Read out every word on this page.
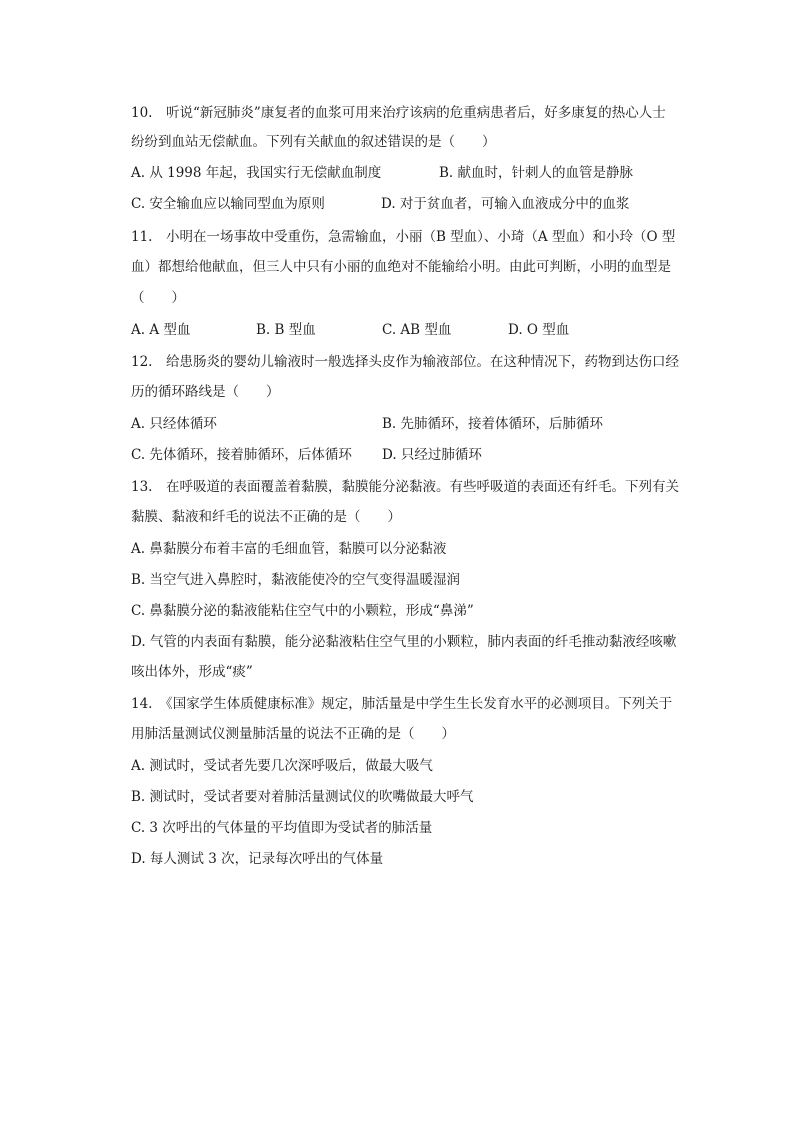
10.　听说“新冠肺炎”康复者的血浆可用来治疗该病的危重病患者后，好多康复的热心人士
纷纷到血站无偿献血。下列有关献血的叙述错误的是（　　）
A. 从 1998 年起，我国实行无偿献血制度	B. 献血时，针刺人的血管是静脉
C. 安全输血应以输同型血为原则	D. 对于贫血者，可输入血液成分中的血浆
11.　小明在一场事故中受重伤，急需输血，小丽（B 型血）、小琦（A 型血）和小玲（O 型
血）都想给他献血，但三人中只有小丽的血绝对不能输给小明。由此可判断，小明的血型是
（　　）
A. A 型血	B. B 型血	C. AB 型血	D. O 型血
12.　给患肠炎的婴幼儿输液时一般选择头皮作为输液部位。在这种情况下，药物到达伤口经
历的循环路线是（　　）
A. 只经体循环	B. 先肺循环，接着体循环，后肺循环
C. 先体循环，接着肺循环，后体循环 D. 只经过肺循环
13.　在呼吸道的表面覆盖着黏膜，黏膜能分泌黏液。有些呼吸道的表面还有纤毛。下列有关
黏膜、黏液和纤毛的说法不正确的是（　　）
A. 鼻黏膜分布着丰富的毛细血管，黏膜可以分泌黏液
B. 当空气进入鼻腔时，黏液能使冷的空气变得温暖湿润
C. 鼻黏膜分泌的黏液能粘住空气中的小颗粒，形成“鼻涕”
D. 气管的内表面有黏膜，能分泌黏液粘住空气里的小颗粒，肺内表面的纤毛推动黏液经咳嗽
咳出体外，形成“痰”
14.　《国家学生体质健康标准》规定，肺活量是中学生生长发育水平的必测项目。下列关于
用肺活量测试仪测量肺活量的说法不正确的是（　　）
A. 测试时，受试者先要几次深呼吸后，做最大吸气
B. 测试时，受试者要对着肺活量测试仪的吹嘴做最大呼气
C. 3 次呼出的气体量的平均值即为受试者的肺活量
D. 每人测试 3 次，记录每次呼出的气体量
